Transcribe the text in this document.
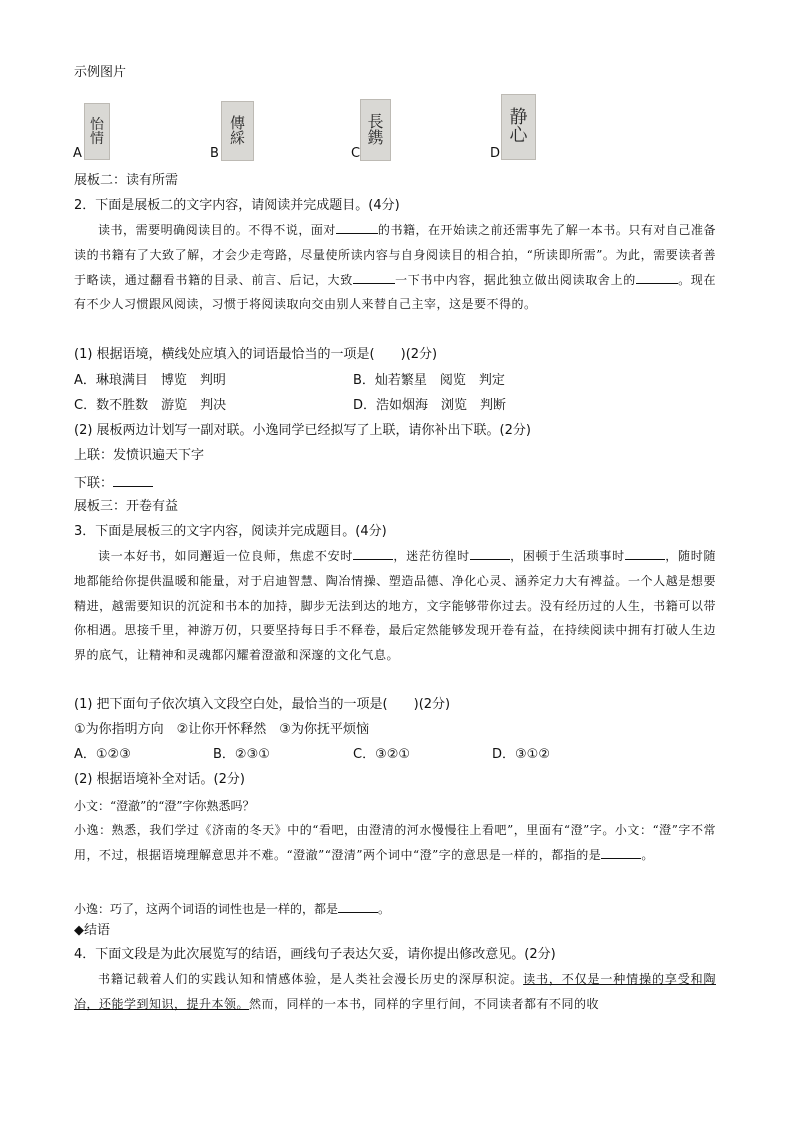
示例图片
怡
情
A
傳
綵
B
長
鎸
C
静
心
D
展板二：读有所需
2．下面是展板二的文字内容，请阅读并完成题目。(4分)
读书，需要明确阅读目的。不得不说，面对	的书籍，在开始读之前还需事先了解一本书。只有对自己准备读的书籍有了大致了解，才会少走弯路，尽量使所读内容与自身阅读目的相合拍，“所读即所需”。为此，需要读者善于略读，通过翻看书籍的目录、前言、后记，大致	一下书中内容，据此独立做出阅读取舍上的	。现在有不少人习惯跟风阅读，习惯于将阅读取向交由别人来替自己主宰，这是要不得的。
(1) 根据语境，横线处应填入的词语最恰当的一项是(　　)(2分)
A．琳琅满目　博览　判明	B．灿若繁星　阅览　判定
C．数不胜数　游览　判决	D．浩如烟海　浏览　判断
(2) 展板两边计划写一副对联。小逸同学已经拟写了上联，请你补出下联。(2分)
上联：发愤识遍天下字
下联：
展板三：开卷有益
3．下面是展板三的文字内容，阅读并完成题目。(4分)
读一本好书，如同邂逅一位良师，焦虑不安时	，迷茫彷徨时	，困顿于生活琐事时	，随时随地都能给你提供温暖和能量，对于启迪智慧、陶冶情操、塑造品德、净化心灵、涵养定力大有裨益。一个人越是想要精进，越需要知识的沉淀和书本的加持，脚步无法到达的地方，文字能够带你过去。没有经历过的人生，书籍可以带你相遇。思接千里，神游万仞，只要坚持每日手不释卷，最后定然能够发现开卷有益，在持续阅读中拥有打破人生边界的底气，让精神和灵魂都闪耀着澄澈和深邃的文化气息。
(1) 把下面句子依次填入文段空白处，最恰当的一项是(　　)(2分)
①为你指明方向　②让你开怀释然　③为你抚平烦恼
A．①②③	B．②③①	C．③②①	D．③①②
(2) 根据语境补全对话。(2分)
小文：“澄澈”的“澄”字你熟悉吗？
小逸：熟悉，我们学过《济南的冬天》中的“看吧，由澄清的河水慢慢往上看吧”，里面有“澄”字。小文：“澄”字不常用，不过，根据语境理解意思并不难。“澄澈”“澄清”两个词中“澄”字的意思是一样的，都指的是	。
小逸：巧了，这两个词语的词性也是一样的，都是	。
◆结语
4．下面文段是为此次展览写的结语，画线句子表达欠妥，请你提出修改意见。(2分)
书籍记载着人们的实践认知和情感体验，是人类社会漫长历史的深厚积淀。读书，不仅是一种情操的享受和陶冶，还能学到知识，提升本领。然而，同样的一本书，同样的字里行间，不同读者都有不同的收
